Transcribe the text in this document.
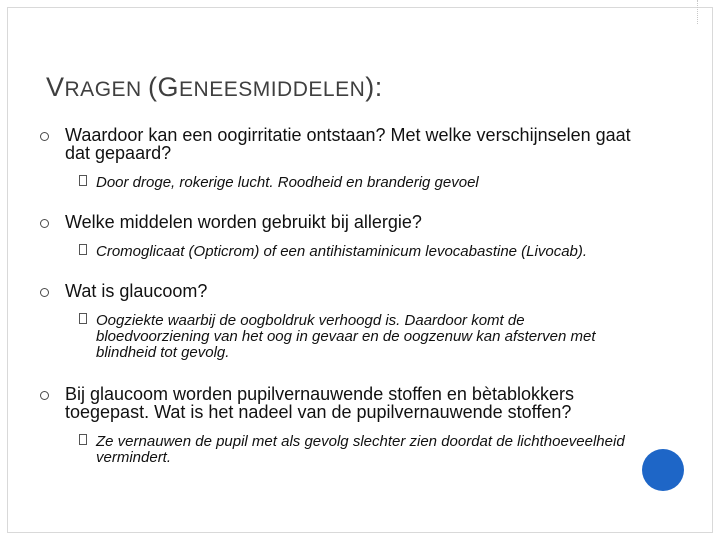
VRAGEN (GENEESMIDDELEN):
Waardoor kan een oogirritatie ontstaan? Met welke verschijnselen gaat dat gepaard?
Door droge, rokerige lucht. Roodheid en branderig gevoel
Welke middelen worden gebruikt bij allergie?
Cromoglicaat (Opticrom) of een antihistaminicum levocabastine (Livocab).
Wat is glaucoom?
Oogziekte waarbij de oogboldruk verhoogd is. Daardoor komt de bloedvoorziening van het oog in gevaar en de oogzenuw kan afsterven met blindheid tot gevolg.
Bij glaucoom worden pupilvernauwende stoffen en bètablokkers toegepast. Wat is het nadeel van de pupilvernauwende stoffen?
Ze vernauwen de pupil met als gevolg slechter zien doordat de lichthoeveelheid vermindert.
